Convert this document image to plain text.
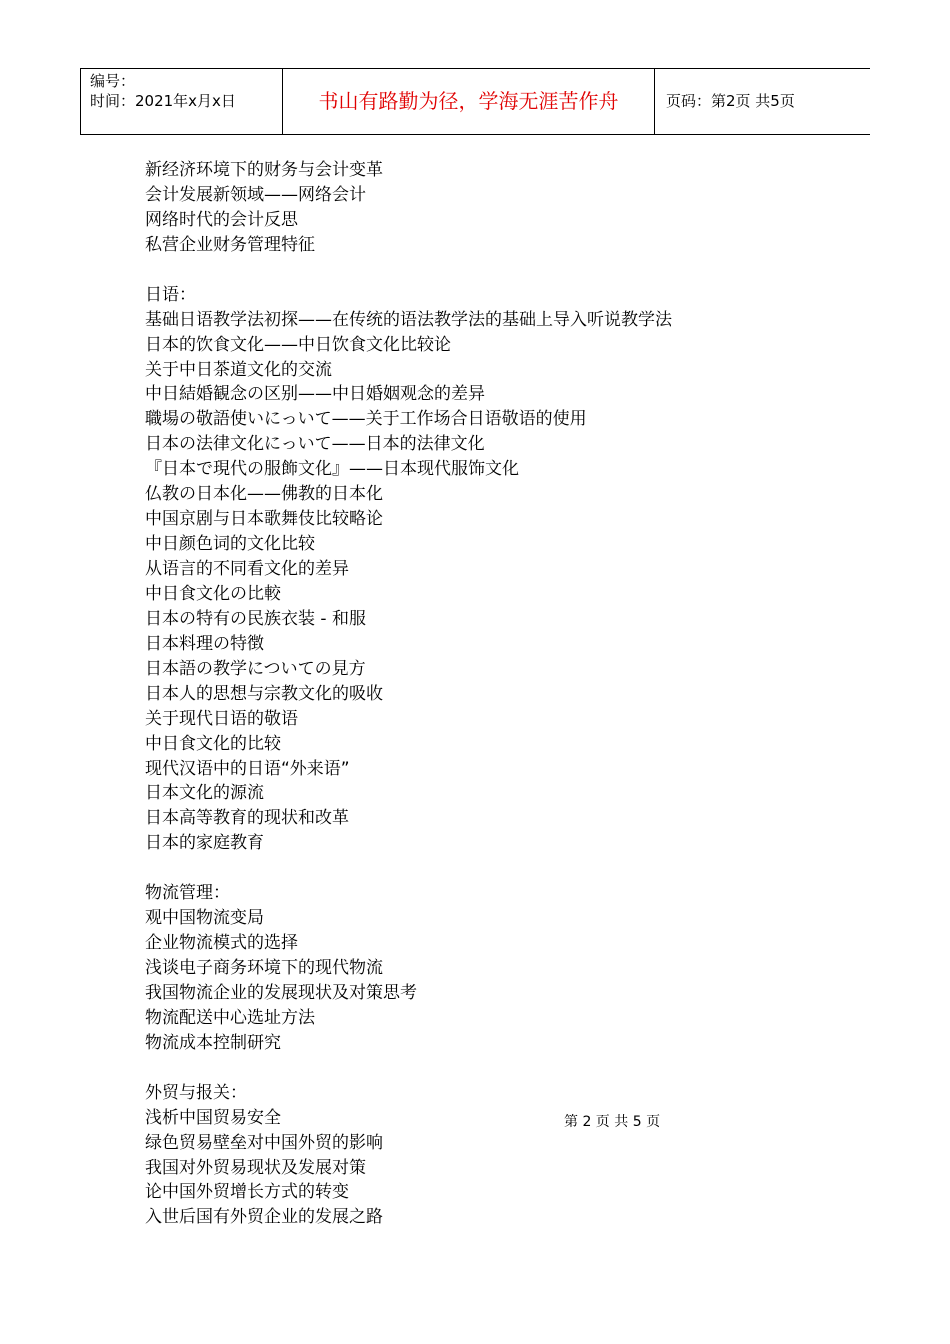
编号：
时间：2021年x月x日	书山有路勤为径，学海无涯苦作舟	页码：第2页 共5页
新经济环境下的财务与会计变革
会计发展新领域——网络会计
网络时代的会计反思
私营企业财务管理特征
日语：
基础日语教学法初探——在传统的语法教学法的基础上导入听说教学法
日本的饮食文化——中日饮食文化比较论
关于中日茶道文化的交流
中日結婚観念の区别——中日婚姻观念的差异
職場の敬語使いにっいて——关于工作场合日语敬语的使用
日本の法律文化にっいて——日本的法律文化
『日本で現代の服飾文化』——日本现代服饰文化
仏教の日本化——佛教的日本化
中国京剧与日本歌舞伎比较略论
中日颜色词的文化比较
从语言的不同看文化的差异
中日食文化の比較
日本の特有の民族衣装 - 和服
日本料理の特徴
日本語の教学についての見方
日本人的思想与宗教文化的吸收
关于现代日语的敬语
中日食文化的比较
现代汉语中的日语“外来语”
日本文化的源流
日本高等教育的现状和改革
日本的家庭教育
物流管理：
观中国物流变局
企业物流模式的选择
浅谈电子商务环境下的现代物流
我国物流企业的发展现状及对策思考
物流配送中心选址方法
物流成本控制研究
外贸与报关：
浅析中国贸易安全
绿色贸易壁垒对中国外贸的影响
我国对外贸易现状及发展对策
论中国外贸增长方式的转变
入世后国有外贸企业的发展之路
第 2 页 共 5 页
